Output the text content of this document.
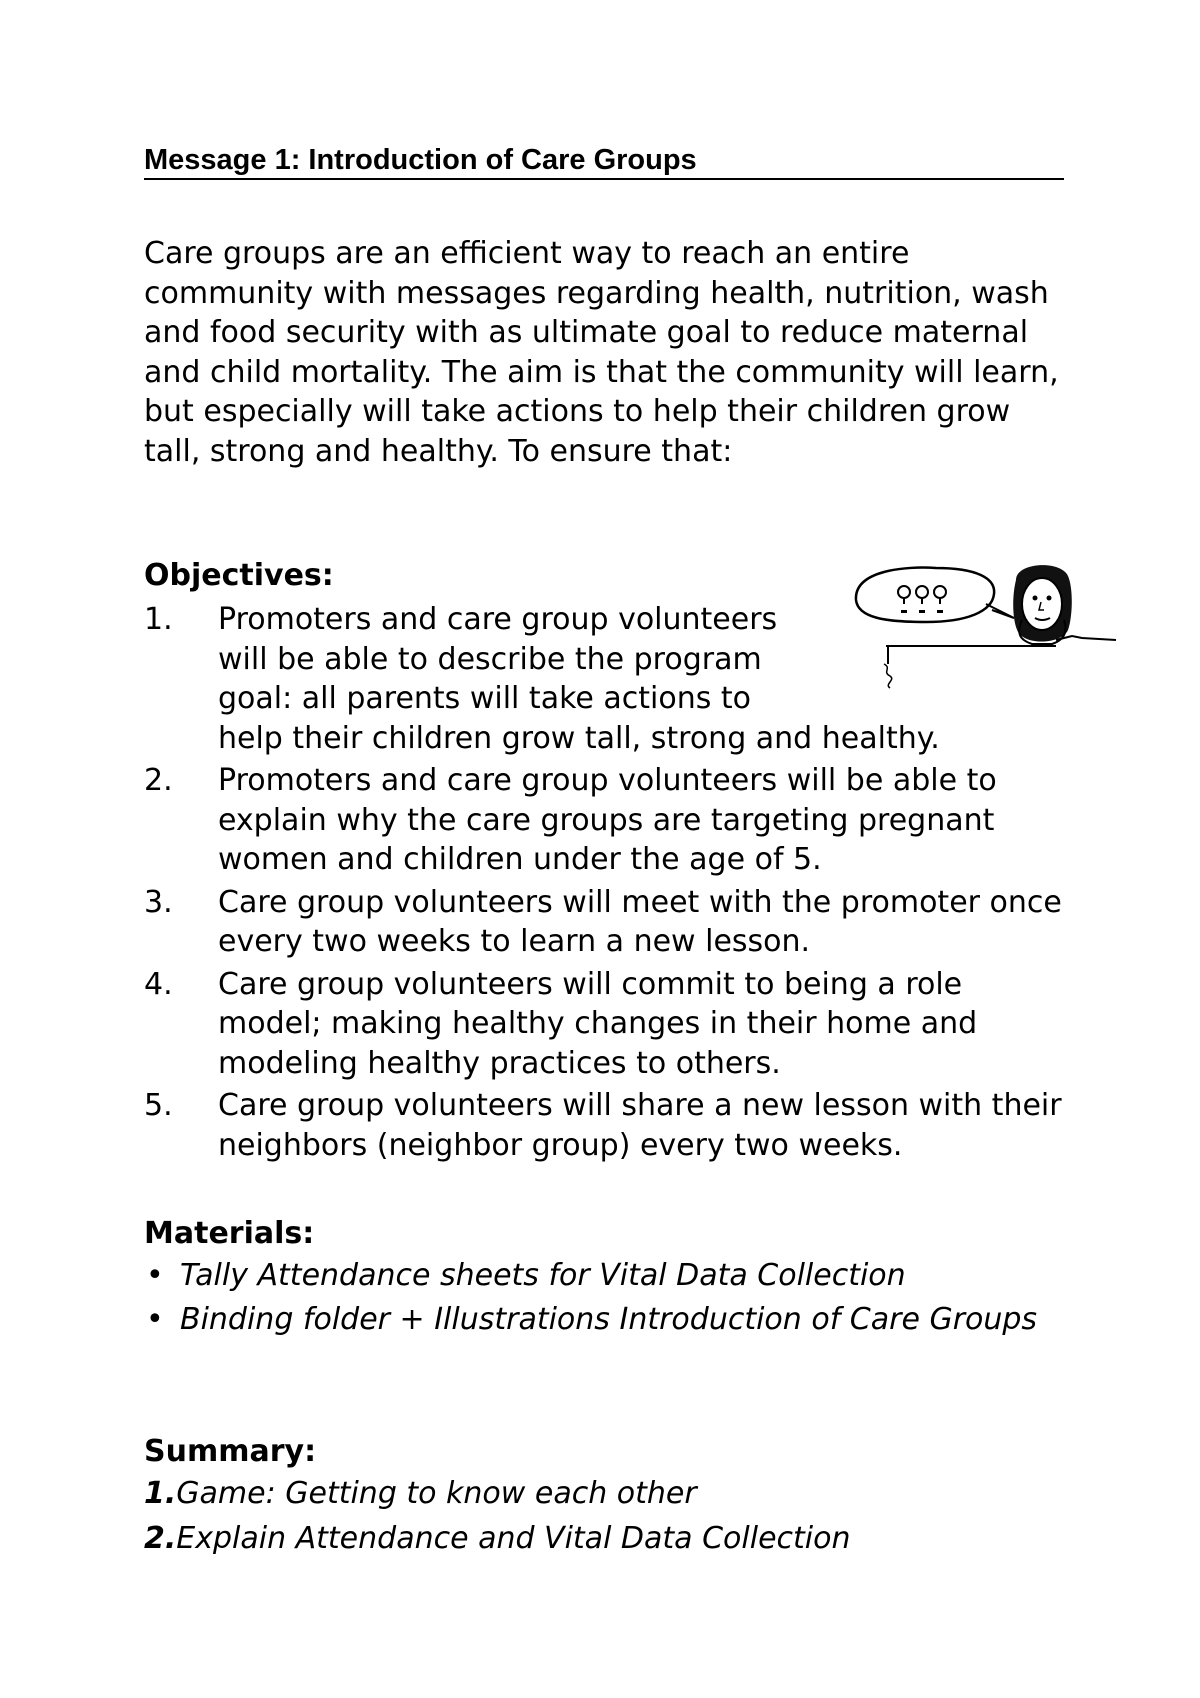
Message 1: Introduction of Care Groups

Care groups are an efficient way to reach an entire community with messages regarding health, nutrition, wash and food security with as ultimate goal to reduce maternal and child mortality. The aim is that the community will learn, but especially will take actions to help their children grow tall, strong and healthy. To ensure that:

Objectives:
1. Promoters and care group volunteers will be able to describe the program goal: all parents will take actions to
help their children grow tall, strong and healthy.
2. Promoters and care group volunteers will be able to explain why the care groups are targeting pregnant women and children under the age of 5.
3. Care group volunteers will meet with the promoter once every two weeks to learn a new lesson.
4. Care group volunteers will commit to being a role model; making healthy changes in their home and modeling healthy practices to others.
5. Care group volunteers will share a new lesson with their neighbors (neighbor group) every two weeks.
Materials:
• Tally Attendance sheets for Vital Data Collection
• Binding folder + Illustrations Introduction of Care Groups
Summary:
1.Game: Getting to know each other
2.Explain Attendance and Vital Data Collection
